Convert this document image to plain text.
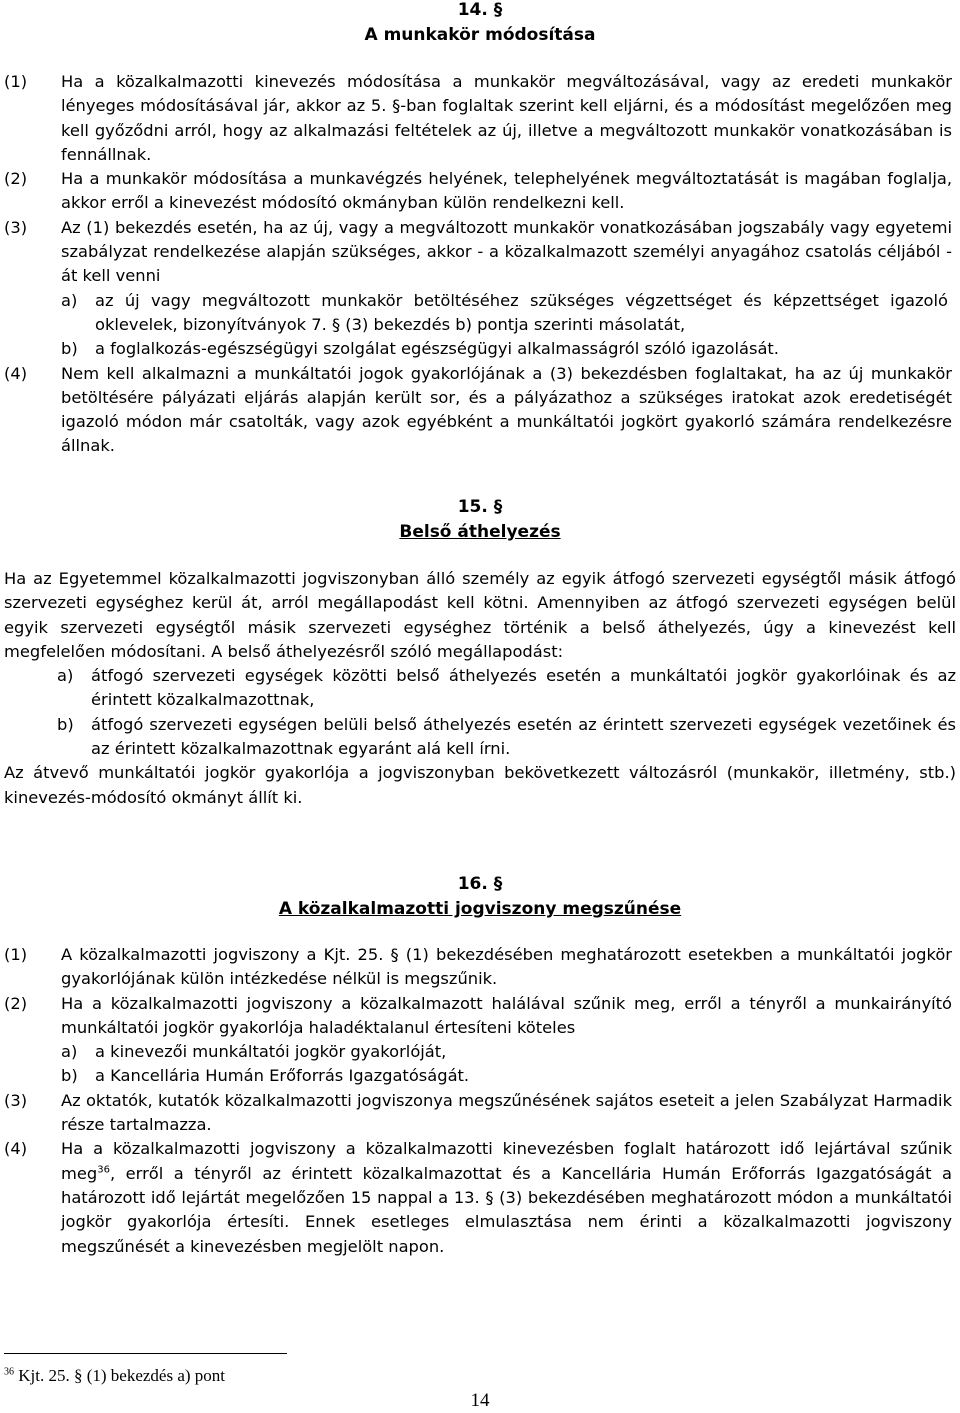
14. §
A munkakör módosítása
(1)	Ha a közalkalmazotti kinevezés módosítása a munkakör megváltozásával, vagy az eredeti munkakör lényeges módosításával jár, akkor az 5. §-ban foglaltak szerint kell eljárni, és a módosítást megelőzően meg kell győződni arról, hogy az alkalmazási feltételek az új, illetve a megváltozott munkakör vonatkozásában is fennállnak.
(2)	Ha a munkakör módosítása a munkavégzés helyének, telephelyének megváltoztatását is magában foglalja, akkor erről a kinevezést módosító okmányban külön rendelkezni kell.
(3)	Az (1) bekezdés esetén, ha az új, vagy a megváltozott munkakör vonatkozásában jogszabály vagy egyetemi szabályzat rendelkezése alapján szükséges, akkor - a közalkalmazott személyi anyagához csatolás céljából - át kell venni
a)	az új vagy megváltozott munkakör betöltéséhez szükséges végzettséget és képzettséget igazoló oklevelek, bizonyítványok 7. § (3) bekezdés b) pontja szerinti másolatát,
b)	a foglalkozás-egészségügyi szolgálat egészségügyi alkalmasságról szóló igazolását.
(4)	Nem kell alkalmazni a munkáltatói jogok gyakorlójának a (3) bekezdésben foglaltakat, ha az új munkakör betöltésére pályázati eljárás alapján került sor, és a pályázathoz a szükséges iratokat azok eredetiségét igazoló módon már csatolták, vagy azok egyébként a munkáltatói jogkört gyakorló számára rendelkezésre állnak.
15. §
Belső áthelyezés
Ha az Egyetemmel közalkalmazotti jogviszonyban álló személy az egyik átfogó szervezeti egységtől másik átfogó szervezeti egységhez kerül át, arról megállapodást kell kötni. Amennyiben az átfogó szervezeti egységen belül egyik szervezeti egységtől másik szervezeti egységhez történik a belső áthelyezés, úgy a kinevezést kell megfelelően módosítani. A belső áthelyezésről szóló megállapodást:
a)	átfogó szervezeti egységek közötti belső áthelyezés esetén a munkáltatói jogkör gyakorlóinak és az érintett közalkalmazottnak,
b)	átfogó szervezeti egységen belüli belső áthelyezés esetén az érintett szervezeti egységek vezetőinek és az érintett közalkalmazottnak egyaránt alá kell írni.
Az átvevő munkáltatói jogkör gyakorlója a jogviszonyban bekövetkezett változásról (munkakör, illetmény, stb.) kinevezés-módosító okmányt állít ki.
16. §
A közalkalmazotti jogviszony megszűnése
(1)	A közalkalmazotti jogviszony a Kjt. 25. § (1) bekezdésében meghatározott esetekben a munkáltatói jogkör gyakorlójának külön intézkedése nélkül is megszűnik.
(2)	Ha a közalkalmazotti jogviszony a közalkalmazott halálával szűnik meg, erről a tényről a munkairányító munkáltatói jogkör gyakorlója haladéktalanul értesíteni köteles
a)	a kinevezői munkáltatói jogkör gyakorlóját,
b)	a Kancellária Humán Erőforrás Igazgatóságát.
(3)	Az oktatók, kutatók közalkalmazotti jogviszonya megszűnésének sajátos eseteit a jelen Szabályzat Harmadik része tartalmazza.
(4)	Ha a közalkalmazotti jogviszony a közalkalmazotti kinevezésben foglalt határozott idő lejártával szűnik meg$^{36}$, erről a tényről az érintett közalkalmazottat és a Kancellária Humán Erőforrás Igazgatóságát a határozott idő lejártát megelőzően 15 nappal a 13. § (3) bekezdésében meghatározott módon a munkáltatói jogkör gyakorlója értesíti. Ennek esetleges elmulasztása nem érinti a közalkalmazotti jogviszony megszűnését a kinevezésben megjelölt napon.
$^{36}$ Kjt. 25. § (1) bekezdés a) pont
14
